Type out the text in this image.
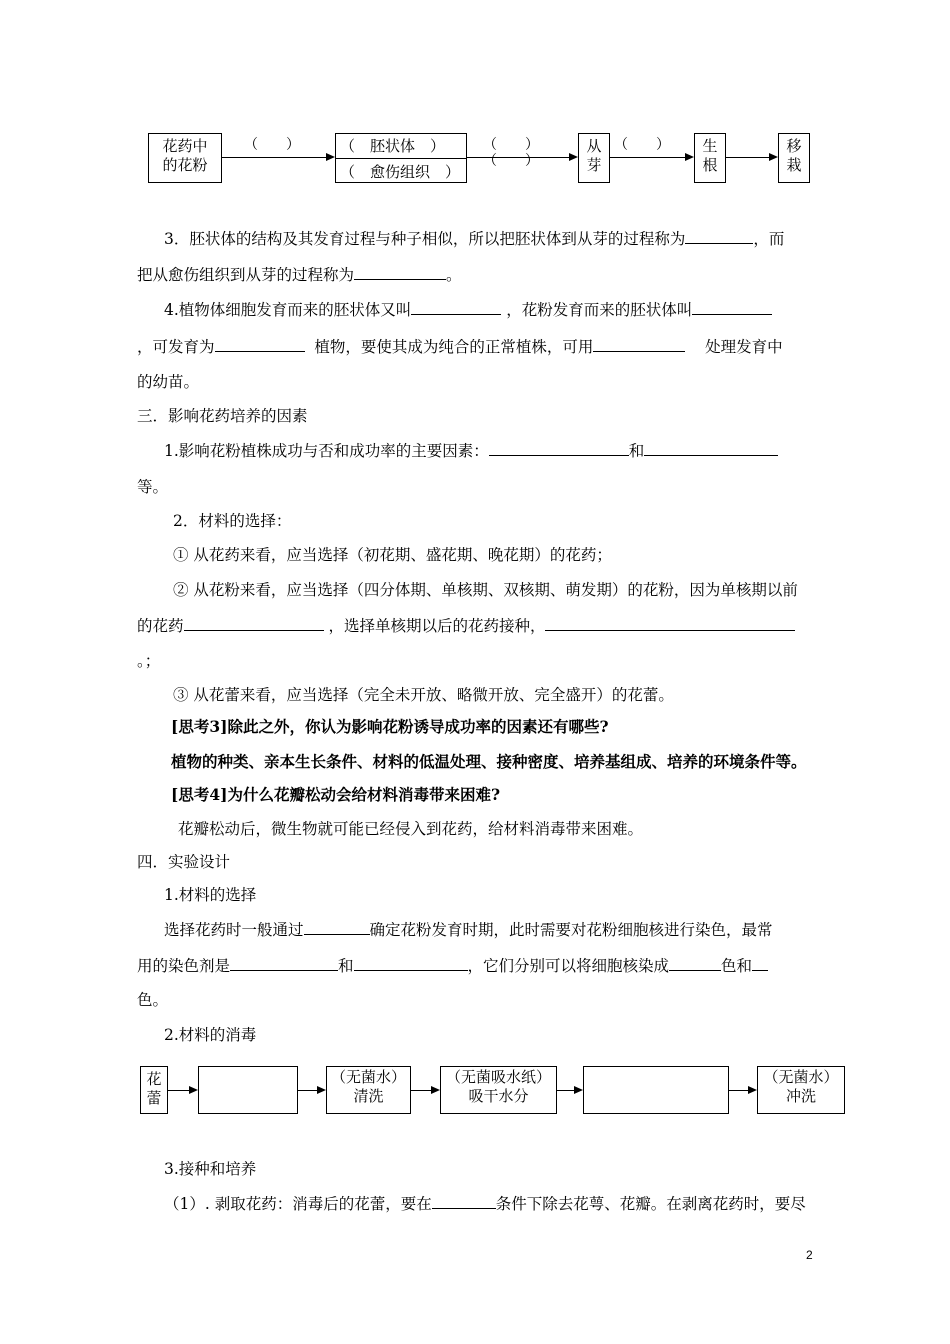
花药中
的花粉
（　　）	（　胚状体　）
（　愈伤组织　）
（　　）
（　　）
从
芽
（　　）	生
根
移
栽
3．胚状体的结构及其发育过程与种子相似，所以把胚状体到从芽的过程称为	，而
把从愈伤组织到从芽的过程称为	。
4.植物体细胞发育而来的胚状体又叫	，花粉发育而来的胚状体叫
，可发育为	植物，要使其成为纯合的正常植株，可用	处理发育中
的幼苗。
三．影响花药培养的因素
1.影响花粉植株成功与否和成功率的主要因素：	和
等。
2．材料的选择：
① 从花药来看，应当选择（初花期、盛花期、晚花期）的花药；
② 从花粉来看，应当选择（四分体期、单核期、双核期、萌发期）的花粉，因为单核期以前
的花药	，选择单核期以后的花药接种，
。；
③ 从花蕾来看，应当选择（完全未开放、略微开放、完全盛开）的花蕾。
[思考3]除此之外，你认为影响花粉诱导成功率的因素还有哪些?
植物的种类、亲本生长条件、材料的低温处理、接种密度、培养基组成、培养的环境条件等。
[思考4]为什么花瓣松动会给材料消毒带来困难?
花瓣松动后，微生物就可能已经侵入到花药，给材料消毒带来困难。
四．实验设计
1.材料的选择
选择花药时一般通过	确定花粉发育时期，此时需要对花粉细胞核进行染色，最常
用的染色剂是	和	，它们分别可以将细胞核染成	色和
色。
2.材料的消毒
花
蕾
（无菌水）
清洗
（无菌吸水纸）
吸干水分
（无菌水）
冲洗
3.接种和培养
（1）. 剥取花药：消毒后的花蕾，要在	条件下除去花萼、花瓣。在剥离花药时，要尽
2
